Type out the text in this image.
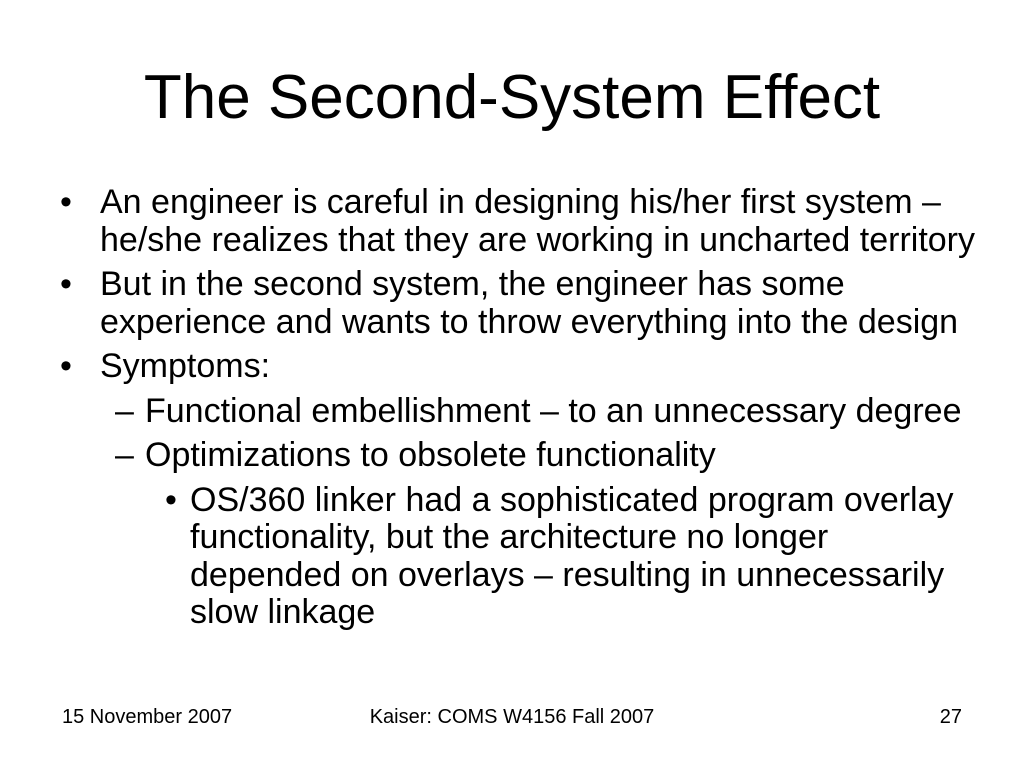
The Second-System Effect
• An engineer is careful in designing his/her first system –
he/she realizes that they are working in uncharted territory
• But in the second system, the engineer has some
experience and wants to throw everything into the design
• Symptoms:
– Functional embellishment – to an unnecessary degree
– Optimizations to obsolete functionality
• OS/360 linker had a sophisticated program overlay
functionality, but the architecture no longer
depended on overlays – resulting in unnecessarily
slow linkage
15 November 2007	Kaiser: COMS W4156 Fall 2007	27
